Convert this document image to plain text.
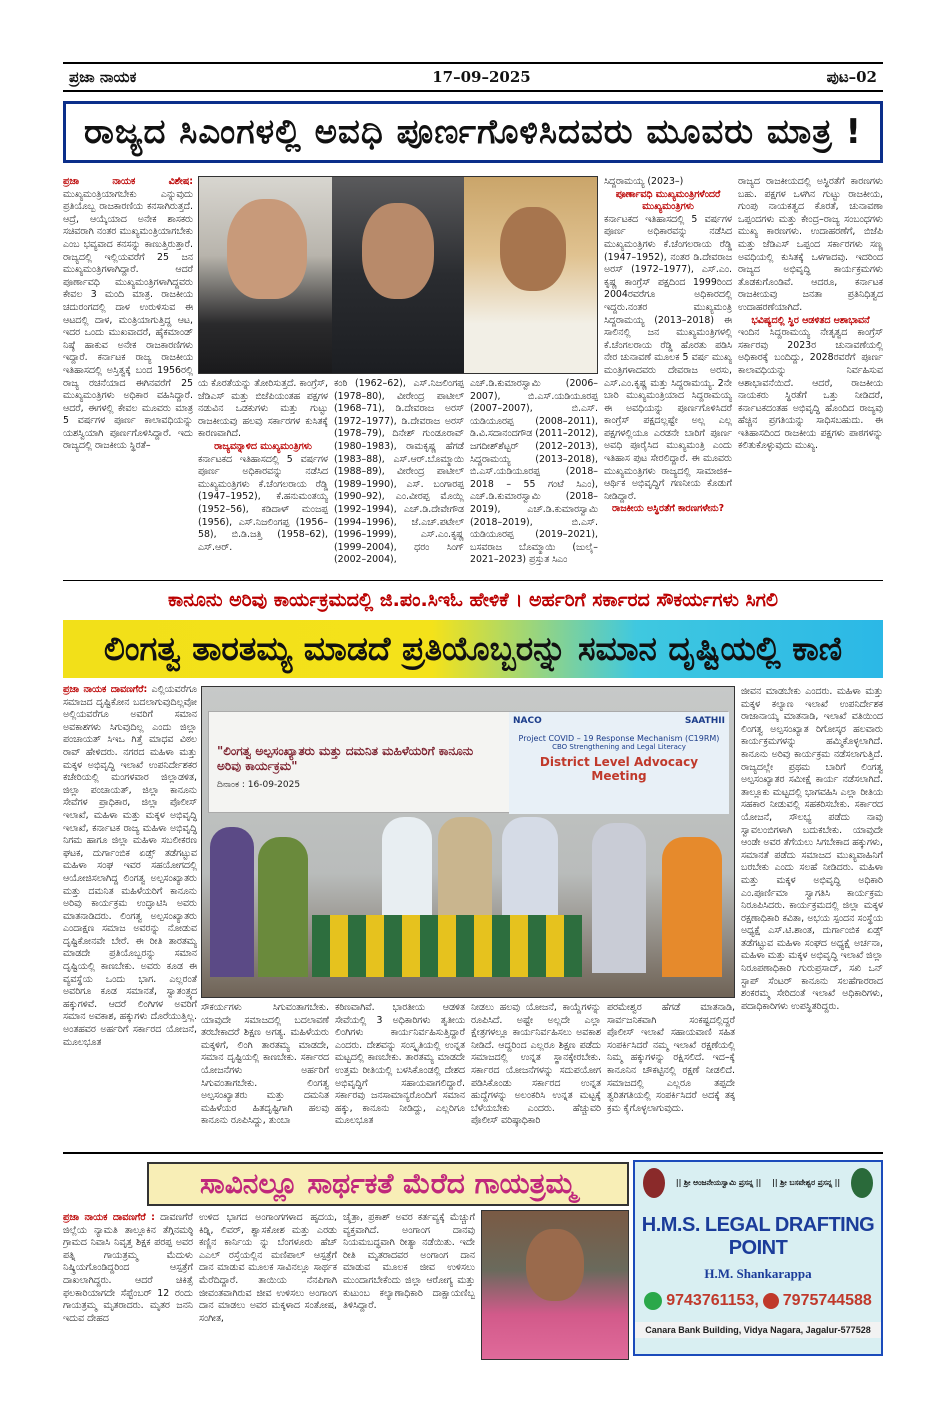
ಪ್ರಜಾ ನಾಯಕ	17–09–2025	ಪುಟ–02
ರಾಜ್ಯದ ಸಿಎಂಗಳಲ್ಲಿ ಅವಧಿ ಪೂರ್ಣಗೊಳಿಸಿದವರು ಮೂವರು ಮಾತ್ರ !
ಪ್ರಜಾ ನಾಯಕ ವಿಶೇಷ: ಮುಖ್ಯಮಂತ್ರಿಯಾಗಬೇಕು ಎನ್ನುವುದು ಪ್ರತಿಯೊಬ್ಬ ರಾಜಕಾರಣಿಯ ಕನಸಾಗಿರುತ್ತದೆ. ಆದ್ರೆ, ಆಯ್ಕೆಯಾದ ಅನೇಕ ಶಾಸಕರು ಸಚಿವರಾಗಿ ನಂತರ ಮುಖ್ಯಮಂತ್ರಿಯಾಗಬೇಕು ಎಂಬ ಭವ್ಯವಾದ ಕನಸನ್ನು ಕಾಣುತ್ತಿರುತ್ತಾರೆ. ರಾಜ್ಯದಲ್ಲಿ ಇಲ್ಲಿಯವರೆಗೆ 25 ಜನ ಮುಖ್ಯಮಂತ್ರಿಗಳಾಗಿದ್ದಾರೆ. ಆದರೆ ಪೂರ್ಣಾವಧಿ ಮುಖ್ಯಮಂತ್ರಿಗಳಾಗಿದ್ದವರು ಕೇವಲ 3 ಮಂದಿ ಮಾತ್ರ. ರಾಜಕೀಯ ಚದುರಂಗದಲ್ಲಿ ದಾಳ ಉರುಳಿಸುವ ಈ ಆಟದಲ್ಲಿ ದಾಳ, ಮಂತ್ರಿಯಾಗುತ್ತಿದ್ದ ಆಟ, ಇದರ ಒಂದು ಮುಖವಾದರೆ, ಹೈಕಮಾಂಡ್ ನಿಷ್ಠೆ ಹಾಕುವ ಅನೇಕ ರಾಜಕಾರಣಿಗಳು ಇದ್ದಾರೆ. ಕರ್ನಾಟಕ ರಾಜ್ಯ ರಾಜಕೀಯ ಇತಿಹಾಸದಲ್ಲಿ ಅಸ್ತಿತ್ವಕ್ಕೆ ಬಂದ 1956ರಲ್ಲಿ ರಾಜ್ಯ ರಚನೆಯಾದ ಈಗಿನವರೆಗೆ 25 ಮುಖ್ಯಮಂತ್ರಿಗಳು ಅಧಿಕಾರ ವಹಿಸಿದ್ದಾರೆ. ಆದರೆ, ಈಗಳಲ್ಲಿ ಕೇವಲ ಮೂವರು ಮಾತ್ರ 5 ವರ್ಷಗಳ ಪೂರ್ಣ ಕಾಲಾವಧಿಯನ್ನು ಯಶಸ್ವಿಯಾಗಿ ಪೂರ್ಣಗೊಳಿಸಿದ್ದಾರೆ. ಇದು ರಾಜ್ಯದಲ್ಲಿ ರಾಜಕೀಯ ಸ್ಥಿರತೆ–
ಯ ಕೊರತೆಯನ್ನು ತೋರಿಸುತ್ತದೆ. ಕಾಂಗ್ರೆಸ್, ಜೆಡಿಎಸ್ ಮತ್ತು ಬಿಜೆಪಿಯಂತಹ ಪಕ್ಷಗಳ ನಡುವಿನ ಒಡಕುಗಳು ಮತ್ತು ಗುಟ್ಟು ರಾಜಕೀಯವು ಹಲವು ಸರ್ಕಾರಗಳ ಕುಸಿತಕ್ಕೆ ಕಾರಣವಾಗಿದೆ.
ರಾಜ್ಯವನ್ನಾಳಿದ ಮುಖ್ಯಮಂತ್ರಿಗಳು
ಕರ್ನಾಟಕದ ಇತಿಹಾಸದಲ್ಲಿ 5 ವರ್ಷಗಳ ಪೂರ್ಣ ಅಧಿಕಾರವನ್ನು ನಡೆಸಿದ ಮುಖ್ಯಮಂತ್ರಿಗಳು ಕೆ.ಚೆಂಗಲರಾಯ ರೆಡ್ಡಿ (1947–1952), ಕೆ.ಹನುಮಂತಯ್ಯ (1952–56), ಕಡಿದಾಳ್ ಮಂಜಪ್ಪ (1956), ಎಸ್.ನಿಜಲಿಂಗಪ್ಪ (1956–58), ಬಿ.ಡಿ.ಜತ್ತಿ (1958–62), ಎಸ್.ಆರ್.
ಕಂಠಿ (1962–62), ಎಸ್.ನಿಜಲಿಂಗಪ್ಪ (1978–80), ವೀರೇಂದ್ರ ಪಾಟೀಲ್ (1968–71), ಡಿ.ದೇವರಾಜ ಅರಸ್ (1972–1977), ಡಿ.ದೇವರಾಜ ಅರಸ್ (1978–79), ದಿನೇಶ್ ಗುಂಡೂರಾವ್ (1980–1983), ರಾಮಕೃಷ್ಣ ಹೆಗಡೆ (1983–88), ಎಸ್.ಆರ್.ಬೊಮ್ಮಾಯಿ (1988–89), ವೀರೇಂದ್ರ ಪಾಟೀಲ್ (1989–1990), ಎಸ್. ಬಂಗಾರಪ್ಪ (1990–92), ಎಂ.ವೀರಪ್ಪ ಮೊಯ್ಲಿ (1992–1994), ಎಚ್.ಡಿ.ದೇವೇಗೌಡ (1994–1996), ಜೆ.ಎಚ್.ಪಟೇಲ್ (1996–1999), ಎಸ್.ಎಂ.ಕೃಷ್ಣ (1999–2004), ಧರಂ ಸಿಂಗ್ (2002–2004),
ಎಚ್.ಡಿ.ಕುಮಾರಸ್ವಾಮಿ (2006–2007), ಬಿ.ಎಸ್.ಯಡಿಯೂರಪ್ಪ (2007–2007), ಬಿ.ಎಸ್. ಯಡಿಯೂರಪ್ಪ (2008–2011), ಡಿ.ವಿ.ಸದಾನಂದಗೌಡ (2011–2012), ಜಗದೀಶ್‌ಶೆಟ್ಟರ್ (2012–2013), ಸಿದ್ದರಾಮಯ್ಯ (2013–2018), ಬಿ.ಎಸ್.ಯಡಿಯೂರಪ್ಪ (2018–2018 – 55 ಗಂಟೆ ಸಿಎಂ), ಎಚ್.ಡಿ.ಕುಮಾರಸ್ವಾಮಿ (2018–2019), ಎಚ್.ಡಿ.ಕುಮಾರಸ್ವಾಮಿ (2018–2019), ಬಿ.ಎಸ್. ಯಡಿಯೂರಪ್ಪ (2019–2021), ಬಸವರಾಜ ಬೊಮ್ಮಾಯಿ (ಜುಲೈ–2021–2023) ಪ್ರಸ್ತುತ ಸಿಎಂ
ಸಿದ್ದರಾಮಯ್ಯ (2023–)
ಪೂರ್ಣಾವಧಿ ಮುಖ್ಯಮಂತ್ರಿಗಳೆಂದರೆ ಮುಖ್ಯಮಂತ್ರಿಗಳು
ಕರ್ನಾಟಕದ ಇತಿಹಾಸದಲ್ಲಿ 5 ವರ್ಷಗಳ ಪೂರ್ಣ ಅಧಿಕಾರವನ್ನು ನಡೆಸಿದ ಮುಖ್ಯಮಂತ್ರಿಗಳು ಕೆ.ಚೆಂಗಲರಾಯ ರೆಡ್ಡಿ (1947–1952), ನಂತರ ಡಿ.ದೇವರಾಜ ಅರಸ್ (1972–1977), ಎಸ್.ಎಂ. ಕೃಷ್ಣ ಕಾಂಗ್ರೆಸ್ ಪಕ್ಷದಿಂದ 1999ರಿಂದ 2004ರವರೆಗೂ ಅಧಿಕಾರದಲ್ಲಿ ಇದ್ದರು.ನಂತರ ಮುಖ್ಯಮಂತ್ರಿ ಸಿದ್ದರಾಮಯ್ಯ (2013–2018) ಈ ಸಾಲಿನಲ್ಲಿ ಜನ ಮುಖ್ಯಮಂತ್ರಿಗಳಲ್ಲಿ ಕೆ.ಚೆಂಗಲರಾಯ ರೆಡ್ಡಿ ಹೊರತು ಪಡಿಸಿ ನೇರ ಚುನಾವಣೆ ಮೂಲಕ 5 ವರ್ಷ ಮುಖ್ಯ ಮಂತ್ರಿಗಳಾದವರು ದೇವರಾಜ ಅರಸು, ಎಸ್.ಎಂ.ಕೃಷ್ಣ ಮತ್ತು ಸಿದ್ದರಾಮಯ್ಯ. 2ನೇ ಬಾರಿ ಮುಖ್ಯಮಂತ್ರಿಯಾದ ಸಿದ್ದರಾಮಯ್ಯ ಈ ಅವಧಿಯನ್ನು ಪೂರ್ಣಗೊಳಿಸಿದರೆ ಕಾಂಗ್ರೆಸ್ ಪಕ್ಷದಲ್ಲಷ್ಟೇ ಅಲ್ಲ ಎಲ್ಲ ಪಕ್ಷಗಳಲ್ಲಿಯೂ ಎರಡನೇ ಬಾರಿಗೆ ಪೂರ್ಣ ಅವಧಿ ಪೂರೈಸಿದ ಮುಖ್ಯಮಂತ್ರಿ ಎಂದು ಇತಿಹಾಸ ಪುಟ ಸೇರಲಿದ್ದಾರೆ. ಈ ಮೂವರು ಮುಖ್ಯಮಂತ್ರಿಗಳು ರಾಜ್ಯದಲ್ಲಿ ಸಾಮಾಜಿಕ–ಆರ್ಥಿಕ ಅಭಿವೃದ್ಧಿಗೆ ಗಣನೀಯ ಕೊಡುಗೆ ನೀಡಿದ್ದಾರೆ.
ರಾಜಕೀಯ ಅಸ್ಥಿರತೆಗೆ ಕಾರಣಗಳೇನು?
ರಾಜ್ಯದ ರಾಜಕೀಯದಲ್ಲಿ ಅಸ್ಥಿರತೆಗೆ ಕಾರಣಗಳು ಬಹು. ಪಕ್ಷಗಳ ಒಳಗಿನ ಗುಟ್ಟು ರಾಜಕೀಯ, ಗುಂಪು ನಾಯಕತ್ವದ ಕೊರತೆ, ಚುನಾವಣಾ ಒಪ್ಪಂದಗಳು ಮತ್ತು ಕೇಂದ್ರ–ರಾಜ್ಯ ಸಂಬಂಧಗಳು ಮುಖ್ಯ ಕಾರಣಗಳು. ಉದಾಹರಣೆಗೆ, ಬಿಜೆಪಿ ಮತ್ತು ಜೆಡಿಎಸ್ ಒಪ್ಪಂದ ಸರ್ಕಾರಗಳು ಸಣ್ಣ ಅವಧಿಯಲ್ಲಿ ಕುಸಿತಕ್ಕೆ ಒಳಗಾದವು. ಇದರಿಂದ ರಾಜ್ಯದ ಅಭಿವೃದ್ಧಿ ಕಾರ್ಯಕ್ರಮಗಳು ತೊಡಕುಗೊಂಡಿವೆ. ಆದರೂ, ಕರ್ನಾಟಕ ರಾಜಕೀಯವು ಜನತಾ ಪ್ರತಿನಿಧಿತ್ವದ ಉದಾಹರಣೆಯಾಗಿದೆ.
ಭವಿಷ್ಯದಲ್ಲಿ ಸ್ಥಿರ ಆಡಳಿತದ ಆಶಾಭಾವನೆ
ಇಂದಿನ ಸಿದ್ದರಾಮಯ್ಯ ನೇತೃತ್ವದ ಕಾಂಗ್ರೆಸ್ ಸರ್ಕಾರವು 2023ರ ಚುನಾವಣೆಯಲ್ಲಿ ಅಧಿಕಾರಕ್ಕೆ ಬಂದಿದ್ದು, 2028ರವರೆಗೆ ಪೂರ್ಣ ಕಾಲಾವಧಿಯನ್ನು ನಿರ್ವಹಿಸುವ ಆಶಾಭಾವನೆಯಿದೆ. ಆದರೆ, ರಾಜಕೀಯ ನಾಯಕರು ಸ್ಥಿರತೆಗೆ ಒತ್ತು ನೀಡಿದರೆ, ಕರ್ನಾಟಕದಂತಹ ಅಭಿವೃದ್ಧಿ ಹೊಂದಿದ ರಾಜ್ಯವು ಹೆಚ್ಚಿನ ಪ್ರಗತಿಯನ್ನು ಸಾಧಿಸಬಹುದು. ಈ ಇತಿಹಾಸದಿಂದ ರಾಜಕೀಯ ಪಕ್ಷಗಳು ಪಾಠಗಳನ್ನು ಕಲಿತುಕೊಳ್ಳುವುದು ಮುಖ್ಯ.
ಕಾನೂನು ಅರಿವು ಕಾರ್ಯಕ್ರಮದಲ್ಲಿ ಜಿ.ಪಂ.ಸಿಇಓ ಹೇಳಿಕೆ । ಅರ್ಹರಿಗೆ ಸರ್ಕಾರದ ಸೌಕರ್ಯಗಳು ಸಿಗಲಿ
ಲಿಂಗತ್ವ ತಾರತಮ್ಯ ಮಾಡದೆ ಪ್ರತಿಯೊಬ್ಬರನ್ನು ಸಮಾನ ದೃಷ್ಟಿಯಲ್ಲಿ ಕಾಣಿ
ಪ್ರಜಾ ನಾಯಕ ದಾವಣಗೆರೆ: ಎಲ್ಲಿಯವರೆಗೂ ಸಮಾಜದ ದೃಷ್ಟಿಕೋನ ಬದಲಾಗುವುದಿಲ್ಲವೋ ಅಲ್ಲಿಯವರೆಗೂ ಅವರಿಗೆ ಸಮಾನ ಅವಕಾಶಗಳು ಸಿಗುವುದಿಲ್ಲ ಎಂದು ಜಿಲ್ಲಾ ಪಂಚಾಯತ್ ಸಿಇಒ ಗಿತ್ತೆ ಮಾಧವ ವಿಠಲ ರಾವ್ ಹೇಳಿದರು. ನಗರದ ಮಹಿಳಾ ಮತ್ತು ಮಕ್ಕಳ ಅಭಿವೃದ್ಧಿ ಇಲಾಖೆ ಉಪನಿರ್ದೇಶಕರ ಕಚೇರಿಯಲ್ಲಿ ಮಂಗಳವಾರ ಜಿಲ್ಲಾಡಳಿತ, ಜಿಲ್ಲಾ ಪಂಚಾಯತ್, ಜಿಲ್ಲಾ ಕಾನೂನು ಸೇವೆಗಳ ಪ್ರಾಧಿಕಾರ, ಜಿಲ್ಲಾ ಪೊಲೀಸ್ ಇಲಾಖೆ, ಮಹಿಳಾ ಮತ್ತು ಮಕ್ಕಳ ಅಭಿವೃದ್ಧಿ ಇಲಾಖೆ, ಕರ್ನಾಟಕ ರಾಜ್ಯ ಮಹಿಳಾ ಅಭಿವೃದ್ಧಿ ನಿಗಮ ಹಾಗೂ ಜಿಲ್ಲಾ ಮಹಿಳಾ ಸಬಲೀಕರಣ ಘಟಕ, ದುರ್ಗಾಂಬಿಕ ಏಡ್ಸ್ ತಡೆಗಟ್ಟುವ ಮಹಿಳಾ ಸಂಘ ಇವರ ಸಹಯೋಗದಲ್ಲಿ ಆಯೋಜಿಸಲಾಗಿದ್ದ ಲಿಂಗತ್ವ ಅಲ್ಪಸಂಖ್ಯಾತರು ಮತ್ತು ದಮನಿತ ಮಹಿಳೆಯರಿಗೆ ಕಾನೂನು ಅರಿವು ಕಾರ್ಯಕ್ರಮ ಉದ್ಘಾಟಿಸಿ ಅವರು ಮಾತನಾಡಿದರು. ಲಿಂಗತ್ವ ಅಲ್ಪಸಂಖ್ಯಾತರು ಎಂದಾಕ್ಷಣ ಸಮಾಜ ಅವರನ್ನು ನೋಡುವ ದೃಷ್ಟಿಕೋನವೇ ಬೇರೆ. ಈ ರೀತಿ ತಾರತಮ್ಯ ಮಾಡದೇ ಪ್ರತಿಯೊಬ್ಬರನ್ನು ಸಮಾನ ದೃಷ್ಟಿಯಲ್ಲಿ ಕಾಣಬೇಕು. ಅವರು ಕೂಡ ಈ ವ್ಯವಸ್ಥೆಯ ಒಂದು ಭಾಗ. ಎಲ್ಲರಂತೆ ಅವರಿಗೂ ಕೂಡ ಸಮಾನತೆ, ಸ್ವಾತಂತ್ರ್ಯದ ಹಕ್ಕುಗಳಿವೆ. ಆದರೆ ಲಿಂಗಿಗಳ ಅವರಿಗೆ ಸಮಾನ ಅವಕಾಶ, ಹಕ್ಕುಗಳು ದೊರೆಯುತ್ತಿಲ್ಲ. ಅಂತಹವರ ಅರ್ಹರಿಗೆ ಸರ್ಕಾರದ ಯೋಜನೆ, ಮೂಲಭೂತ
"ಲಿಂಗತ್ವ ಅಲ್ಪಸಂಖ್ಯಾತರು ಮತ್ತು ದಮನಿತ ಮಹಿಳೆಯರಿಗೆ ಕಾನೂನು ಅರಿವು ಕಾರ್ಯಕ್ರಮ"
ದಿನಾಂಕ : 16-09-2025
NACO	SAATHII
Project COVID – 19 Response Mechanism (C19RM)
CBO Strengthening and Legal Literacy
District Level Advocacy Meeting
ಸೌಕರ್ಯಗಳು ಸಿಗುವಂತಾಗಬೇಕು. ಯಾವುದೇ ಸಮಾಜದಲ್ಲಿ ಬದಲಾವಣೆ ತರಬೇಕಾದರೆ ಶಿಕ್ಷಣ ಅಗತ್ಯ. ಮಹಿಳೆಯರು ಮಕ್ಕಳಿಗೆ, ಲಿಂಗಿ ತಾರತಮ್ಯ ಮಾಡದೇ, ಸಮಾನ ದೃಷ್ಟಿಯಲ್ಲಿ ಕಾಣಬೇಕು. ಸರ್ಕಾರದ ಯೋಜನೆಗಳು ಅರ್ಹರಿಗೆ ಸಿಗುವಂತಾಗಬೇಕು. ಲಿಂಗತ್ವ ಅಲ್ಪಸಂಖ್ಯಾತರು ಮತ್ತು ದಮನಿತ ಮಹಿಳೆಯರ ಹಿತದೃಷ್ಟಿಗಾಗಿ ಹಲವು ಕಾನೂನು ರೂಪಿಸಿದ್ದು, ತುಂಬಾ
ಕಠಿಣವಾಗಿವೆ. ಭಾರತೀಯ ಆಡಳಿತ ಸೇವೆಯಲ್ಲಿ 3 ಅಧಿಕಾರಿಗಳು ತೃತೀಯ ಲಿಂಗಿಗಳು ಕಾರ್ಯನಿರ್ವಹಿಸುತ್ತಿದ್ದಾರೆ ಎಂದರು. ದೇಶವನ್ನು ಸಂಸ್ಕೃತಿಯಲ್ಲಿ ಉನ್ನತ ಮಟ್ಟದಲ್ಲಿ ಕಾಣಬೇಕು. ತಾರತಮ್ಯ ಮಾಡದೇ ಉತ್ತಮ ರೀತಿಯಲ್ಲಿ ಬಳಸಿಕೊಂಡಲ್ಲಿ ದೇಶದ ಅಭಿವೃದ್ಧಿಗೆ ಸಹಾಯವಾಗಲಿದ್ದಾರೆ. ಸರ್ಕಾರವು ಜನಸಾಮಾನ್ಯರೊಂದಿಗೆ ಸಮಾನ ಹಕ್ಕು, ಕಾನೂನು ನೀಡಿದ್ದು, ಎಲ್ಲರಿಗೂ ಮೂಲಭೂತ
ನೀಡಲು ಹಲವು ಯೋಜನೆ, ಕಾಯ್ದೆಗಳನ್ನು ರೂಪಿಸಿದೆ. ಅಷ್ಟೇ ಅಲ್ಲದೇ ಎಲ್ಲಾ ಕ್ಷೇತ್ರಗಳಲ್ಲೂ ಕಾರ್ಯನಿರ್ವಹಿಸಲು ಅವಕಾಶ ನೀಡಿದೆ. ಆದ್ದರಿಂದ ಎಲ್ಲರೂ ಶಿಕ್ಷಣ ಪಡೆದು ಸಮಾಜದಲ್ಲಿ ಉನ್ನತ ಸ್ಥಾನಕ್ಕೇರಬೇಕು. ಸರ್ಕಾರದ ಯೋಜನೆಗಳನ್ನು ಸದುಪಯೋಗ ಪಡಿಸಿಕೊಂಡು ಸರ್ಕಾರದ ಉನ್ನತ ಹುದ್ದೆಗಳನ್ನು ಅಲಂಕರಿಸಿ ಉನ್ನತ ಮಟ್ಟಕ್ಕೆ ಬೆಳೆಯಬೇಕು ಎಂದರು. ಹೆಚ್ಚುವರಿ ಪೊಲೀಸ್ ವರಿಷ್ಠಾಧಿಕಾರಿ
ಪರಮೇಶ್ವರ ಹೆಗಡೆ ಮಾತನಾಡಿ, ಸಾರ್ವಜನಿಕವಾಗಿ ಸಂಕಷ್ಟದಲ್ಲಿದ್ದರೆ ಪೊಲೀಸ್ ಇಲಾಖೆ ಸಹಾಯವಾಣಿ ಸಹಿತ ಸಂಪರ್ಕಿಸಿದರೆ ನಮ್ಮ ಇಲಾಖೆ ರಕ್ಷಣೆಯಲ್ಲಿ ನಿಮ್ಮ ಹಕ್ಕುಗಳನ್ನು ರಕ್ಷಿಸಲಿದೆ. ಇದ–ಕ್ಕೆ ಕಾನೂನಿನ ಚೌಕಟ್ಟಿನಲ್ಲಿ ರಕ್ಷಣೆ ನೀಡಲಿದೆ. ಸಮಾಜದಲ್ಲಿ ಎಲ್ಲರೂ ತಪ್ಪದೇ ತ್ವರಿತಗತಿಯಲ್ಲಿ ಸಂಪರ್ಕಿಸಿದರೆ ಅದಕ್ಕೆ ತಕ್ಕ ಕ್ರಮ ಕೈಗೊಳ್ಳಲಾಗುವುದು.
ಜೀವನ ಮಾಡಬೇಕು ಎಂದರು. ಮಹಿಳಾ ಮತ್ತು ಮಕ್ಕಳ ಕಲ್ಯಾಣ ಇಲಾಖೆ ಉಪನಿರ್ದೇಶಕ ರಾಜಾನಾಯ್ಕ ಮಾತನಾಡಿ, ಇಲಾಖೆ ವತಿಯಿಂದ ಲಿಂಗತ್ವ ಅಲ್ಪಸಂಖ್ಯಾತ ರಿಗೋಸ್ಕರ ಹಲವಾರು ಕಾರ್ಯಕ್ರಮಗಳನ್ನು ಹಮ್ಮಿಕೊಳ್ಳಲಾಗಿದೆ. ಕಾನೂನು ಅರಿವು ಕಾರ್ಯಕ್ರಮ ನಡೆಸಲಾಗುತ್ತಿದೆ. ರಾಜ್ಯದಲ್ಲೇ ಪ್ರಥಮ ಬಾರಿಗೆ ಲಿಂಗತ್ವ ಅಲ್ಪಸಂಖ್ಯಾತರ ಸಮೀಕ್ಷೆ ಕಾರ್ಯ ನಡೆಸಲಾಗಿದೆ. ತಾಲ್ಲೂಕು ಮಟ್ಟದಲ್ಲಿ ಭಾಗವಹಿಸಿ ಎಲ್ಲಾ ರೀತಿಯ ಸಹಕಾರ ನೀಡುವಲ್ಲಿ ಸಹಕರಿಸಬೇಕು. ಸರ್ಕಾರದ ಯೋಜನೆ, ಸೌಲಭ್ಯ ಪಡೆದು ನಾವು ಸ್ವಾವಲಂಬಿಗಳಾಗಿ ಬದುಕಬೇಕು. ಯಾವುದೇ ಆಂಡೇ ಅವರ ತೆಗೆಯಲು ಸಿಗಬೇಕಾದ ಹಕ್ಕುಗಳು, ಸಮಾನತೆ ಪಡೆದು ಸಮಾಜದ ಮುಖ್ಯವಾಹಿನಿಗೆ ಬರಬೇಕು ಎಂದು ಸಲಹೆ ನೀಡಿದರು. ಮಹಿಳಾ ಮತ್ತು ಮಕ್ಕಳ ಅಭಿವೃದ್ಧಿ ಅಧಿಕಾರಿ ಎಂ.ಪೂರ್ಣಿಮಾ ಸ್ವಾಗತಿಸಿ ಕಾರ್ಯಕ್ರಮ ನಿರೂಪಿಸಿದರು. ಕಾರ್ಯಕ್ರಮದಲ್ಲಿ ಜಿಲ್ಲಾ ಮಕ್ಕಳ ರಕ್ಷಣಾಧಿಕಾರಿ ಕವಿತಾ, ಅಭಯ ಸ್ಪಂದನ ಸಂಸ್ಥೆಯ ಅಧ್ಯಕ್ಷೆ ಎಸ್.ಟಿ.ಶಾಂತ, ದುರ್ಗಾಂಬಿಕ ಏಡ್ಸ್ ತಡೆಗಟ್ಟುವ ಮಹಿಳಾ ಸಂಘದ ಅಧ್ಯಕ್ಷೆ ಅರ್ಚನಾ, ಮಹಿಳಾ ಮತ್ತು ಮಕ್ಕಳ ಅಭಿವೃದ್ಧಿ ಇಲಾಖೆ ಜಿಲ್ಲಾ ನಿರೂಪಣಾಧಿಕಾರಿ ಗುರುಪ್ರಸಾದ್, ಸಖಿ ಒನ್ ಸ್ಟಾಪ್ ಸೆಂಟರ್ ಕಾನೂನು ಸಲಹೆಗಾರರಾದ ಶಂಕರಮ್ಮ ಸೇರಿದಂತೆ ಇಲಾಖೆ ಅಧಿಕಾರಿಗಳು, ಪದಾಧಿಕಾರಿಗಳು ಉಪಸ್ಥಿತರಿದ್ದರು.
ಸಾವಿನಲ್ಲೂ ಸಾರ್ಥಕತೆ ಮೆರೆದ ಗಾಯತ್ರಮ್ಮ
ಪ್ರಜಾ ನಾಯಕ ದಾವಣಗೆರೆ : ದಾವಣಗೆರೆ ಜಿಲ್ಲೆಯ ನ್ಯಾಮತಿ ತಾಲ್ಲೂಕಿನ ತೆಗ್ಗಿನಮಠ್ಠಿ ಗ್ರಾಮದ ನಿವಾಸಿ ನಿವೃತ್ತ ಶಿಕ್ಷಕ ಪರಪ್ಪ ಅವರ ಪತ್ನಿ ಗಾಯತ್ರಮ್ಮ ಮೆದುಳು ನಿಷ್ಕ್ರಿಯಗೊಂಡಿದ್ದರಿಂದ ಆಸ್ಪತ್ರೆಗೆ ದಾಖಲಾಗಿದ್ದರು. ಆದರೆ ಚಿಕಿತ್ಸೆ ಫಲಕಾರಿಯಾಗದೇ ಸೆಪ್ಟೆಂಬರ್ 12 ರಂದು ಗಾಯತ್ರಮ್ಮ ಮೃತರಾದರು. ಮೃತರ ಜನನಿ ಇದುವ ದೇಹದ
ಉಳಿದ ಭಾಗದ ಅಂಗಾಂಗಗಳಾದ ಹೃದಯ, ಕಿಡ್ನಿ, ಲಿವರ್, ಶ್ವಾಸಕೋಶ ಮತ್ತು ಎರಡು ಕಣ್ಣಿನ ಕಾರ್ನಿಯ ನ್ನು ಬೆಂಗಳೂರು ಹೆಚ್ ಎಎಲ್ ರಸ್ತೆಯಲ್ಲಿನ ಮಣಿಪಾಲ್ ಆಸ್ಪತ್ರೆಗೆ ದಾನ ಮಾಡುವ ಮೂಲಕ ಸಾವಿನಲ್ಲೂ ಸಾರ್ಥಕ ಮೆರೆದಿದ್ದಾರೆ. ತಾಯಿಯ ನೆನಪಿಗಾಗಿ ಜೀವಂತವಾಗಿರುವ ಜೀವ ಉಳಿಸಲು ಅಂಗಾಂಗ ದಾನ ಮಾಡಲು ಅವರ ಮಕ್ಕಳಾದ ಸಂತೋಷ, ಸಂಗೀತ,
ಚೈತ್ರಾ, ಪ್ರಕಾಶ್ ಅವರ ಕರ್ತವ್ಯಕ್ಕೆ ಮೆಚ್ಚುಗೆ ವ್ಯಕ್ತವಾಗಿದೆ. ಅಂಗಾಂಗ ದಾನವು ನಿಯಮಬದ್ಧವಾಗಿ ರೀತ್ಯಾ ನಡೆಯಿತು. ಇದೇ ರೀತಿ ಮೃತರಾದವರ ಅಂಗಾಂಗ ದಾನ ಮಾಡುವ ಮೂಲಕ ಜೀವ ಉಳಿಸಲು ಮುಂದಾಗಬೇಕೆಂದು ಜಿಲ್ಲಾ ಆರೋಗ್ಯ ಮತ್ತು ಕುಟುಂಬ ಕಲ್ಯಾಣಾಧಿಕಾರಿ ದಾಕ್ಷಾಯಣಿಬ್ಬ ತಿಳಿಸಿದ್ದಾರೆ.
|| ಶ್ರೀ ಆಂಜನೇಯಸ್ವಾಮಿ ಪ್ರಸನ್ನ || || ಶ್ರೀ ಬಸವೇಶ್ವರ ಪ್ರಸನ್ನ ||
H.M.S. LEGAL DRAFTING POINT
H.M. Shankarappa
9743761153, 7975744588
Canara Bank Building, Vidya Nagara, Jagalur-577528
